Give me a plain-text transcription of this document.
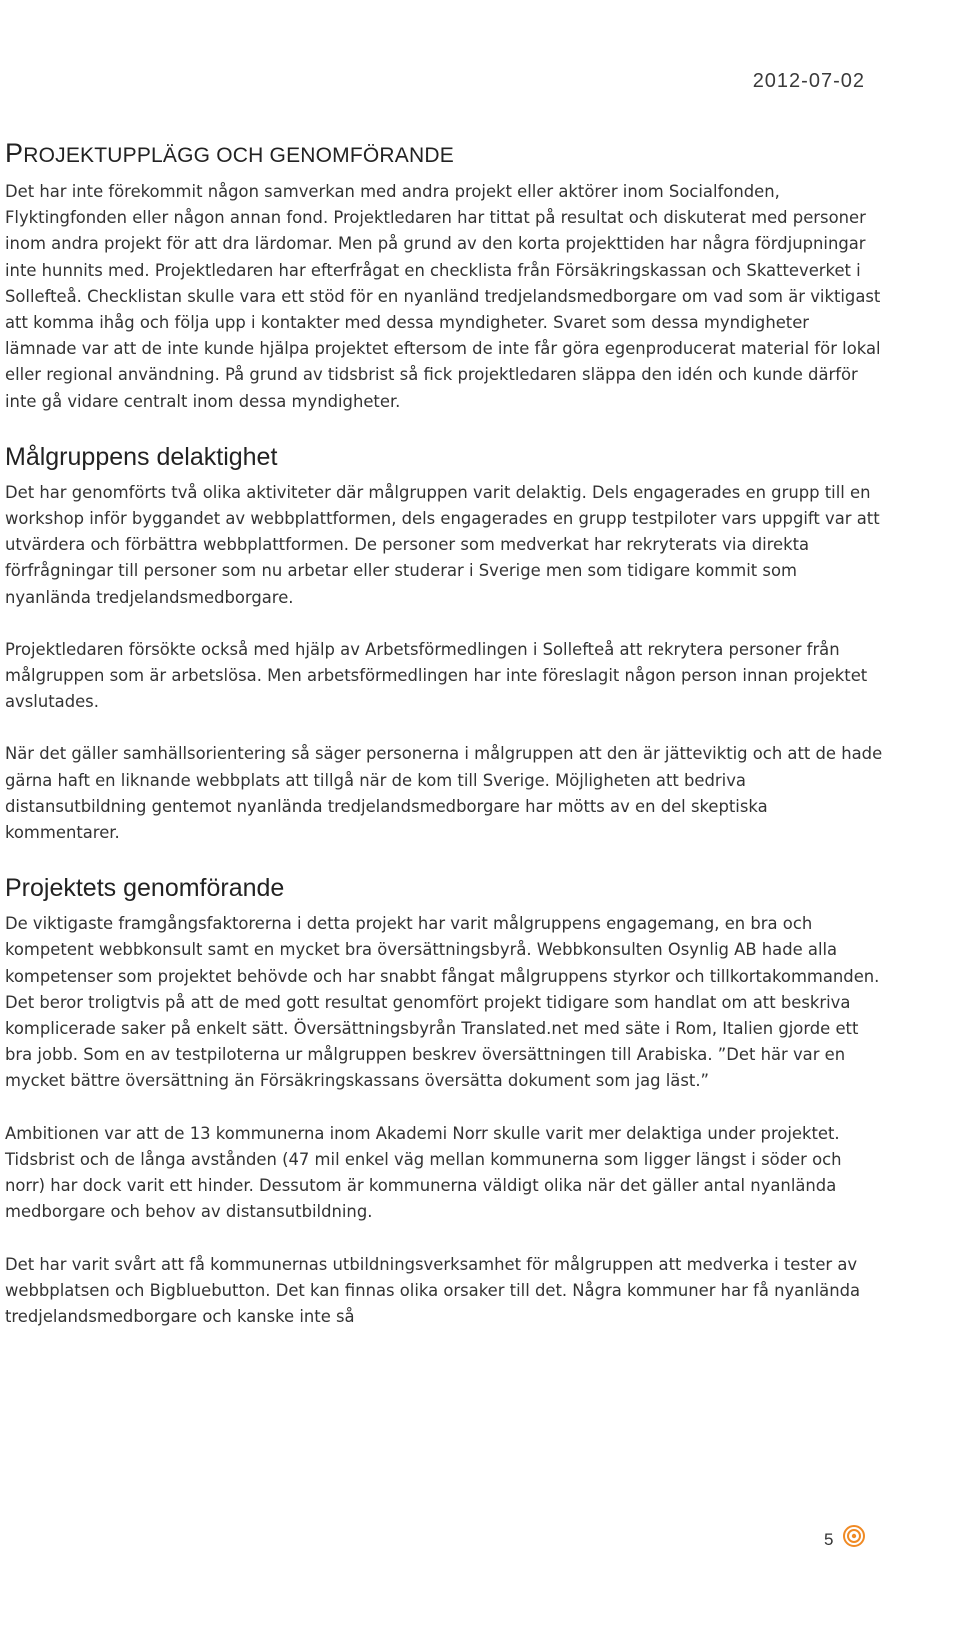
2012-07-02
PROJEKTUPPLÄGG OCH GENOMFÖRANDE

Det har inte förekommit någon samverkan med andra projekt eller aktörer inom Socialfonden, Flyktingfonden eller någon annan fond. Projektledaren har tittat på resultat och diskuterat med personer inom andra projekt för att dra lärdomar. Men på grund av den korta projekttiden har några fördjupningar inte hunnits med. Projektledaren har efterfrågat en checklista från Försäkringskassan och Skatteverket i Sollefteå. Checklistan skulle vara ett stöd för en nyanländ tredjelandsmedborgare om vad som är viktigast att komma ihåg och följa upp i kontakter med dessa myndigheter. Svaret som dessa myndigheter lämnade var att de inte kunde hjälpa projektet eftersom de inte får göra egenproducerat material för lokal eller regional användning. På grund av tidsbrist så fick projektledaren släppa den idén och kunde därför inte gå vidare centralt inom dessa myndigheter.

Målgruppens delaktighet

Det har genomförts två olika aktiviteter där målgruppen varit delaktig. Dels engagerades en grupp till en workshop inför byggandet av webbplattformen, dels engagerades en grupp testpiloter vars uppgift var att utvärdera och förbättra webbplattformen. De personer som medverkat har rekryterats via direkta förfrågningar till personer som nu arbetar eller studerar i Sverige men som tidigare kommit som nyanlända tredjelandsmedborgare.

Projektledaren försökte också med hjälp av Arbetsförmedlingen i Sollefteå att rekrytera personer från målgruppen som är arbetslösa. Men arbetsförmedlingen har inte föreslagit någon person innan projektet avslutades.

När det gäller samhällsorientering så säger personerna i målgruppen att den är jätteviktig och att de hade gärna haft en liknande webbplats att tillgå när de kom till Sverige. Möjligheten att bedriva distansutbildning gentemot nyanlända tredjelandsmedborgare har mötts av en del skeptiska kommentarer.

Projektets genomförande

De viktigaste framgångsfaktorerna i detta projekt har varit målgruppens engagemang, en bra och kompetent webbkonsult samt en mycket bra översättningsbyrå. Webbkonsulten Osynlig AB hade alla kompetenser som projektet behövde och har snabbt fångat målgruppens styrkor och tillkortakommanden. Det beror troligtvis på att de med gott resultat genomfört projekt tidigare som handlat om att beskriva komplicerade saker på enkelt sätt. Översättningsbyrån Translated.net med säte i Rom, Italien gjorde ett bra jobb. Som en av testpiloterna ur målgruppen beskrev översättningen till Arabiska. ”Det här var en mycket bättre översättning än Försäkringskassans översätta dokument som jag läst.”

Ambitionen var att de 13 kommunerna inom Akademi Norr skulle varit mer delaktiga under projektet. Tidsbrist och de långa avstånden (47 mil enkel väg mellan kommunerna som ligger längst i söder och norr) har dock varit ett hinder. Dessutom är kommunerna väldigt olika när det gäller antal nyanlända medborgare och behov av distansutbildning.

Det har varit svårt att få kommunernas utbildningsverksamhet för målgruppen att medverka i tester av webbplatsen och Bigbluebutton. Det kan finnas olika orsaker till det. Några kommuner har få nyanlända tredjelandsmedborgare och kanske inte så

5
